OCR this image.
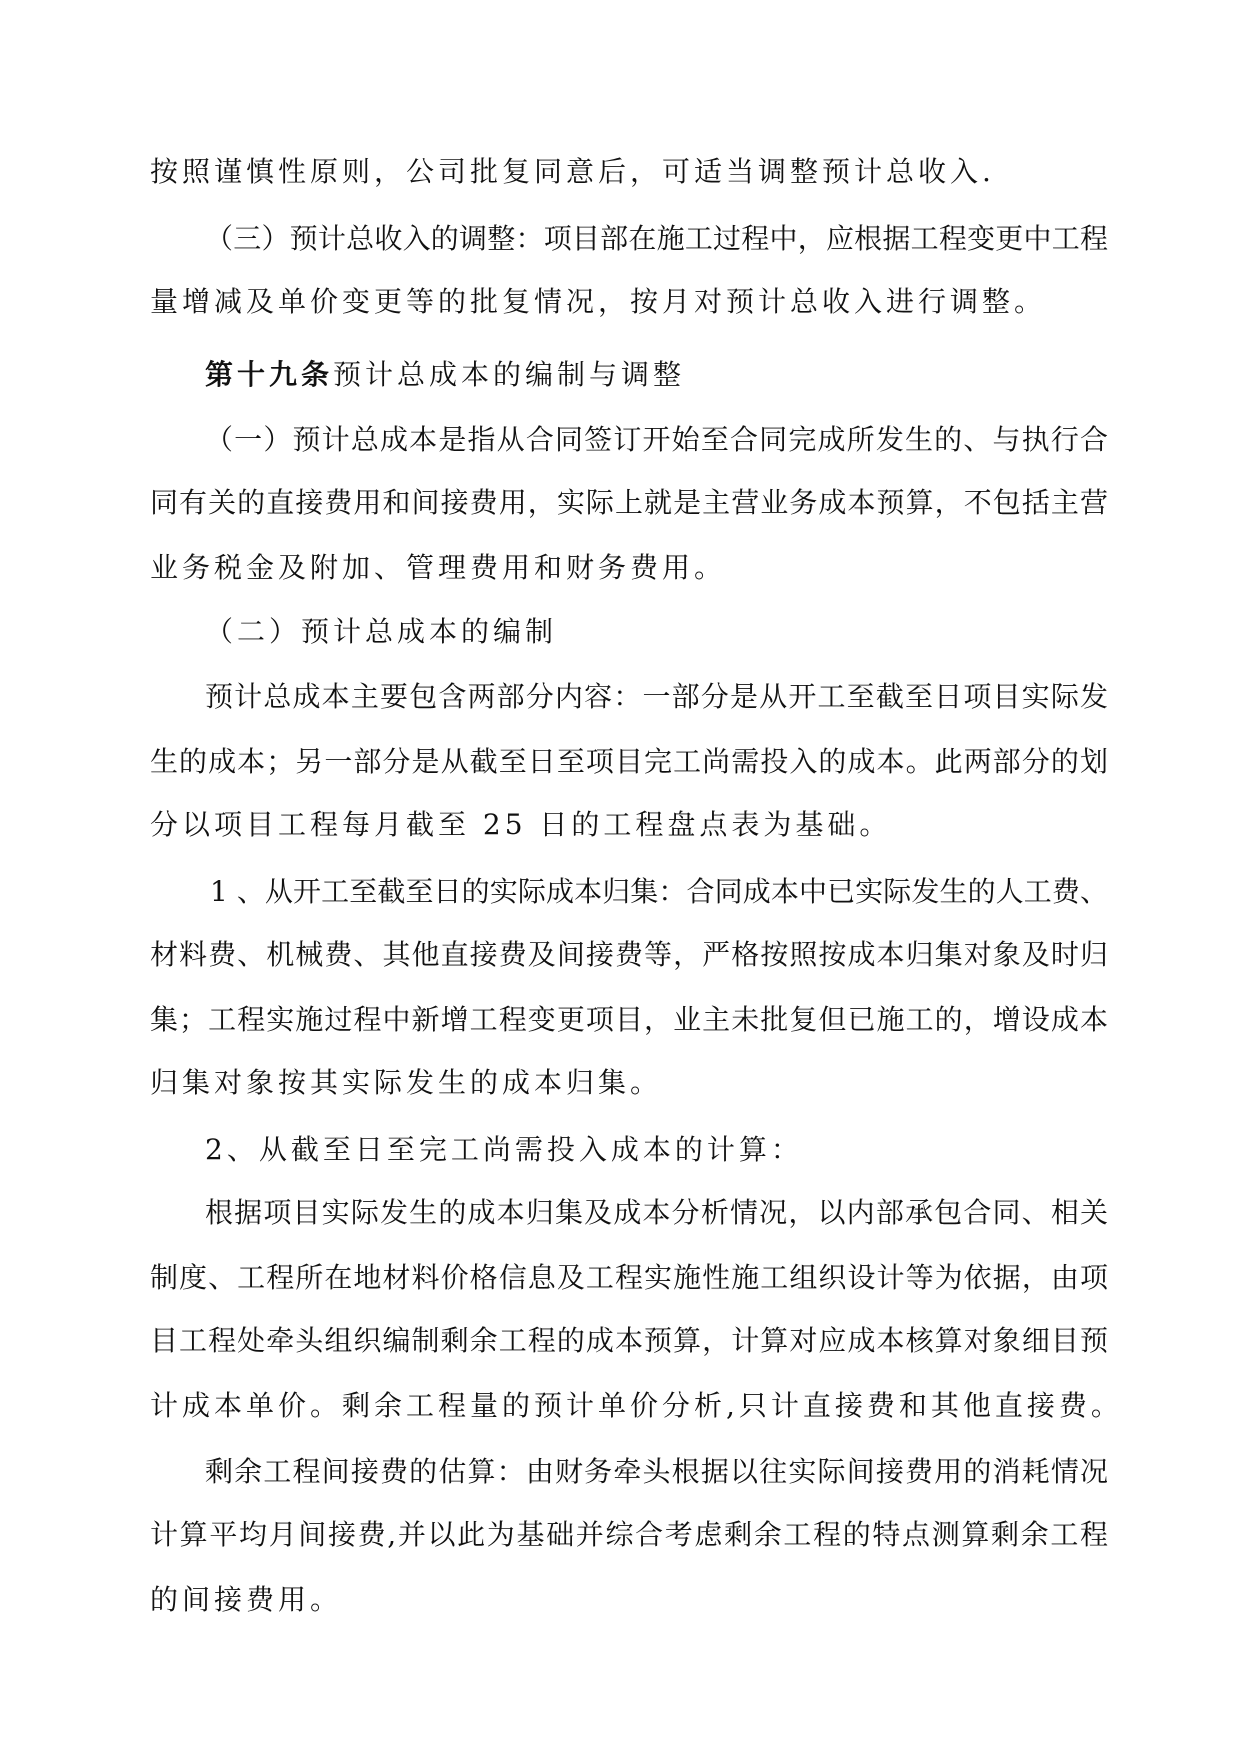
按照谨慎性原则，公司批复同意后，可适当调整预计总收入.
（三）预计总收入的调整：项目部在施工过程中，应根据工程变更中工程
量增减及单价变更等的批复情况，按月对预计总收入进行调整。
第十九条预计总成本的编制与调整
（一）预计总成本是指从合同签订开始至合同完成所发生的、与执行合
同有关的直接费用和间接费用，实际上就是主营业务成本预算，不包括主营
业务税金及附加、管理费用和财务费用。
（二）预计总成本的编制
预计总成本主要包含两部分内容：一部分是从开工至截至日项目实际发
生的成本；另一部分是从截至日至项目完工尚需投入的成本。此两部分的划
分以项目工程每月截至 25 日的工程盘点表为基础。
1 、从开工至截至日的实际成本归集：合同成本中已实际发生的人工费、
材料费、机械费、其他直接费及间接费等，严格按照按成本归集对象及时归
集；工程实施过程中新增工程变更项目，业主未批复但已施工的，增设成本
归集对象按其实际发生的成本归集。
2、从截至日至完工尚需投入成本的计算：
根据项目实际发生的成本归集及成本分析情况，以内部承包合同、相关
制度、工程所在地材料价格信息及工程实施性施工组织设计等为依据，由项
目工程处牵头组织编制剩余工程的成本预算，计算对应成本核算对象细目预
计成本单价。剩余工程量的预计单价分析,只计直接费和其他直接费。
剩余工程间接费的估算：由财务牵头根据以往实际间接费用的消耗情况
计算平均月间接费,并以此为基础并综合考虑剩余工程的特点测算剩余工程
的间接费用。
